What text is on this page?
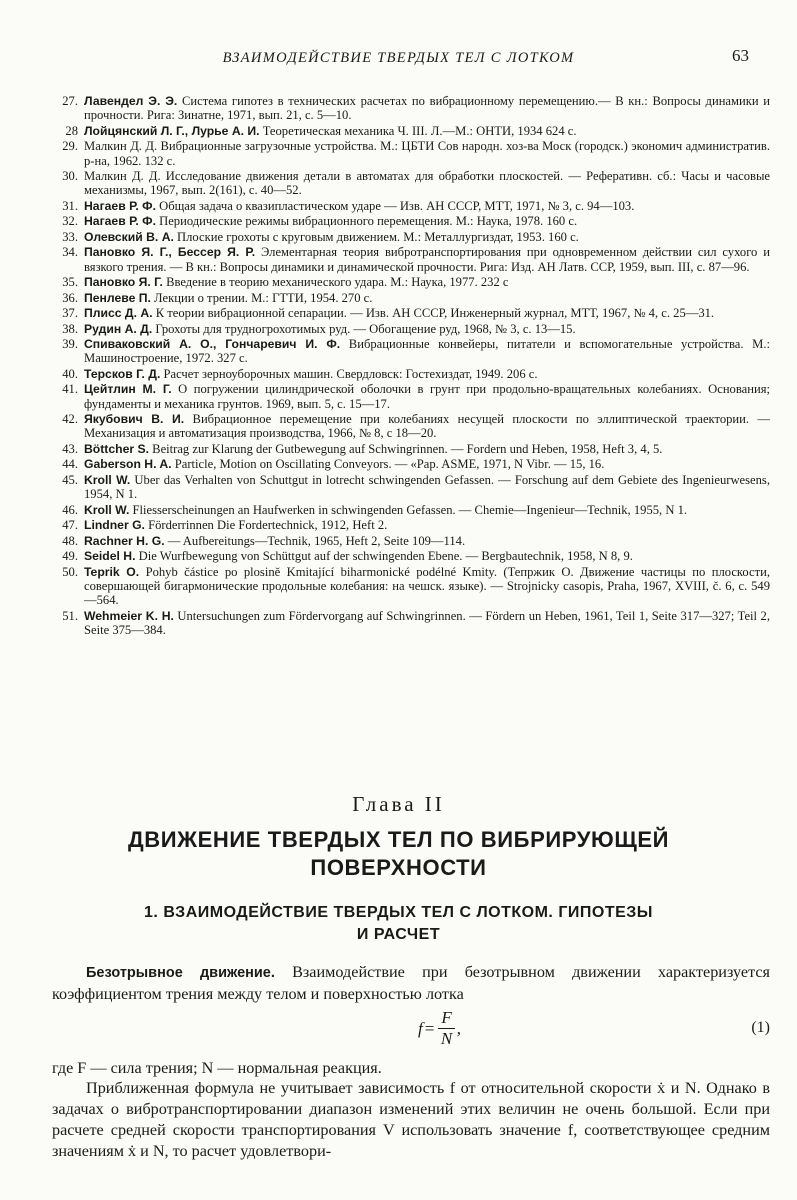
ВЗАИМОДЕЙСТВИЕ ТВЕРДЫХ ТЕЛ С ЛОТКОМ	63
27. Лавендел Э. Э. Система гипотез в технических расчетах по вибрационному перемещению.— В кн.: Вопросы динамики и прочности. Рига: Зинатне, 1971, вып. 21, с. 5—10.
28 Лойцянский Л. Г., Лурье А. И. Теоретическая механика Ч. III. Л.—М.: ОНТИ, 1934 624 с.
29. Малкин Д. Д. Вибрационные загрузочные устройства. М.: ЦБТИ Сов народн. хоз-ва Моск (городск.) экономич административ. р-на, 1962. 132 с.
30. Малкин Д. Д. Исследование движения детали в автоматах для обработки плоскостей. — Реферативн. сб.: Часы и часовые механизмы, 1967, вып. 2(161), с. 40—52.
31. Нагаев Р. Ф. Общая задача о квазипластическом ударе — Изв. АН СССР, МТТ, 1971, № 3, с. 94—103.
32. Нагаев Р. Ф. Периодические режимы вибрационного перемещения. М.: Наука, 1978. 160 с.
33. Олевский В. А. Плоские грохоты с круговым движением. М.: Металлургиздат, 1953. 160 с.
34. Пановко Я. Г., Бессер Я. Р. Элементарная теория вибротранспортирования при одновременном действии сил сухого и вязкого трения. — В кн.: Вопросы динамики и динамической прочности. Рига: Изд. АН Латв. ССР, 1959, вып. III, с. 87—96.
35. Пановко Я. Г. Введение в теорию механического удара. М.: Наука, 1977. 232 с
36. Пенлеве П. Лекции о трении. М.: ГТТИ, 1954. 270 с.
37. Плисс Д. А. К теории вибрационной сепарации. — Изв. АН СССР, Инженерный журнал, МТТ, 1967, № 4, с. 25—31.
38. Рудин А. Д. Грохоты для трудногрохотимых руд. — Обогащение руд, 1968, № 3, с. 13—15.
39. Спиваковский А. О., Гончаревич И. Ф. Вибрационные конвейеры, питатели и вспомогательные устройства. М.: Машиностроение, 1972. 327 с.
40. Терсков Г. Д. Расчет зерноуборочных машин. Свердловск: Гостехиздат, 1949. 206 с.
41. Цейтлин М. Г. О погружении цилиндрической оболочки в грунт при продольно-вращательных колебаниях. Основания; фундаменты и механика грунтов. 1969, вып. 5, с. 15—17.
42. Якубович В. И. Вибрационное перемещение при колебаниях несущей плоскости по эллиптической траектории. — Механизация и автоматизация производства, 1966, № 8, с 18—20.
43. Böttcher S. Beitrag zur Klarung der Gutbewegung auf Schwingrinnen. — Fordern und Heben, 1958, Heft 3, 4, 5.
44. Gaberson H. A. Particle, Motion on Oscillating Conveyors. — «Pap. ASME, 1971, N Vibr. — 15, 16.
45. Kroll W. Uber das Verhalten von Schuttgut in lotrecht schwingenden Gefassen. — Forschung auf dem Gebiete des Ingenieurwesens, 1954, N 1.
46. Kroll W. Fliesserscheinungen an Haufwerken in schwingenden Gefassen. — Chemie—Ingenieur—Technik, 1955, N 1.
47. Lindner G. Förderrinnen Die Fordertechnick, 1912, Heft 2.
48. Rachner H. G. — Aufbereitungs—Technik, 1965, Heft 2, Seite 109—114.
49. Seidel H. Die Wurfbewegung von Schüttgut auf der schwingenden Ebene. — Bergbautechnik, 1958, N 8, 9.
50. Teprik O. Pohyb částice po plosině Kmitající biharmonické podélné Kmity. (Тепржик О. Движение частицы по плоскости, совершающей бигармонические продольные колебания: на чешск. языке). — Strojnicky casopis, Praha, 1967, XVIII, č. 6, с. 549—564.
51. Wehmeier K. H. Untersuchungen zum Fördervorgang auf Schwingrinnen. — Fördern un Heben, 1961, Teil 1, Seite 317—327; Teil 2, Seite 375—384.
Глава II
ДВИЖЕНИЕ ТВЕРДЫХ ТЕЛ ПО ВИБРИРУЮЩЕЙ
ПОВЕРХНОСТИ
1. ВЗАИМОДЕЙСТВИЕ ТВЕРДЫХ ТЕЛ С ЛОТКОМ. ГИПОТЕЗЫ
И РАСЧЕТ
Безотрывное движение. Взаимодействие при безотрывном движении характеризуется коэффициентом трения между телом и поверхностью лотка
$f = \frac{F}{N}$ ,	(1)
где F — сила трения; N — нормальная реакция.
Приближенная формула не учитывает зависимость f от относительной скорости ẋ и N. Однако в задачах о вибротранспортировании диапазон изменений этих величин не очень большой. Если при расчете средней скорости транспортирования V использовать значение f, соответствующее средним значениям ẋ и N, то расчет удовлетвори-
